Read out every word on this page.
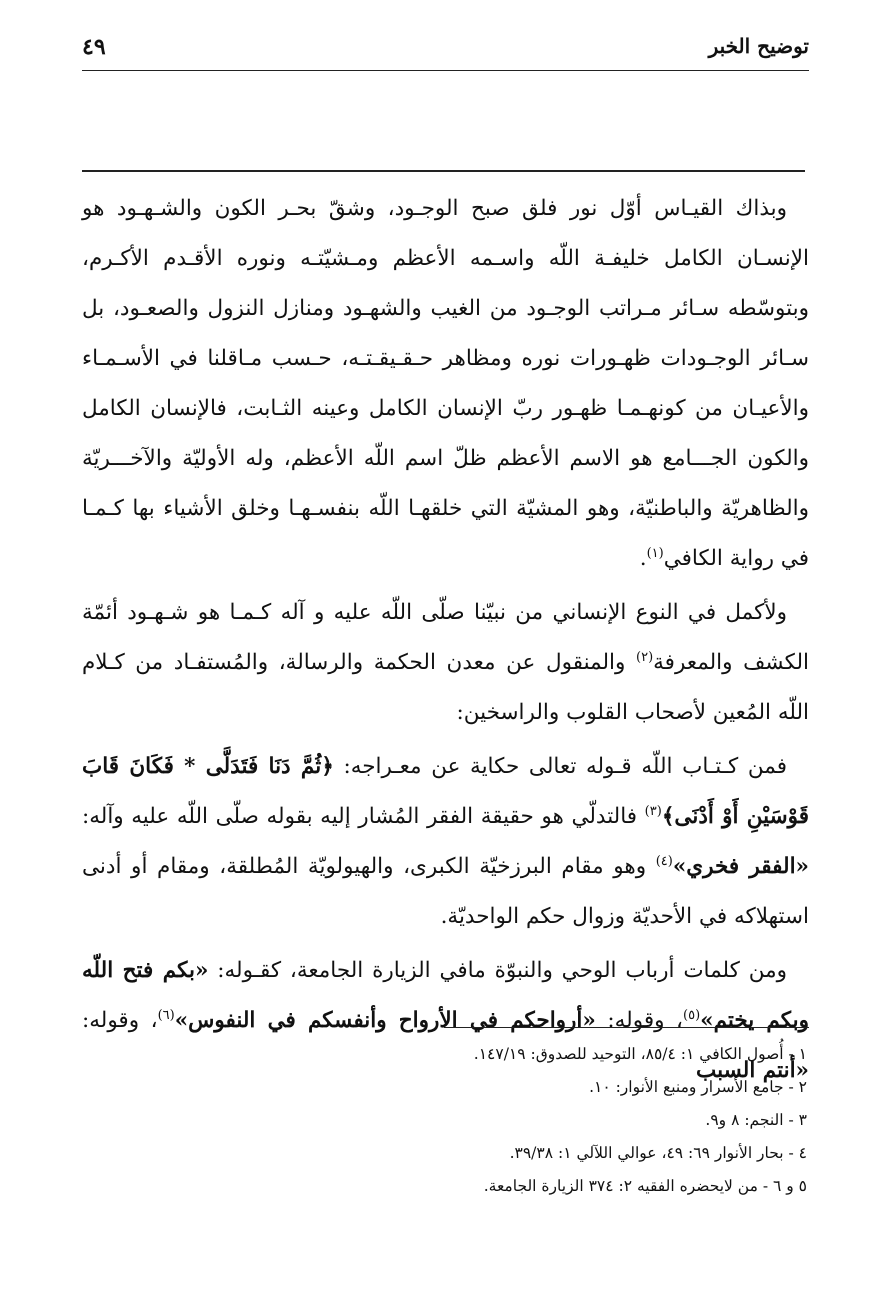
توضيح الخبر
٤٩

وبذاك القيـاس أوّل نور فلق صبح الوجـود، وشقّ بحـر الكون والشـهـود هو الإنسـان الكامل خليفـة اللّه واسـمه الأعظم ومـشيّتـه ونوره الأقـدم الأكـرم، وبتوسّطه سـائر مـراتب الوجـود من الغيب والشهـود ومنازل النزول والصعـود، بل سـائر الوجـودات ظهـورات نوره ومظاهر حـقـيقـتـه، حـسب مـاقلنا في الأسـمـاء والأعيـان من كونهـمـا ظهـور ربّ الإنسان الكامل وعينه الثـابت، فالإنسان الكامل والكون الجـــامع هو الاسم الأعظم ظلّ اسم اللّه الأعظم، وله الأوليّة والآخـــريّة والظاهريّة والباطنيّة، وهو المشيّة التي خلقهـا اللّه بنفسـهـا وخلق الأشياء بها كـمـا في رواية الكافي$^{(١)}$.

ولأكمل في النوع الإنساني من نبيّنا صلّى اللّه عليه و آله كـمـا هو شـهـود أئمّة الكشف والمعرفة$^{(٢)}$ والمنقول عن معدن الحكمة والرسالة، والمُستفـاد من كـلام اللّه المُعين لأصحاب القلوب والراسخين:

فمن كـتـاب اللّه قـوله تعالى حكاية عن معـراجه: ﴿ثُمَّ دَنَا فَتَدَلَّى * فَكَانَ قَابَ قَوْسَيْنِ أَوْ أَدْنَى﴾$^{(٣)}$ فالتدلّي هو حقيقة الفقر المُشار إليه بقوله صلّى اللّه عليه وآله: «الفقر فخري»$^{(٤)}$ وهو مقام البرزخيّة الكبرى، والهيولويّة المُطلقة، ومقام أو أدنى استهلاكه في الأحديّة وزوال حكم الواحديّة.

ومن كلمات أرباب الوحي والنبوّة مافي الزيارة الجامعة، كقـوله: «بكم فتح اللّه وبكم يختم»$^{(٥)}$، وقوله: «أرواحكم في الأرواح وأنفسكم في النفوس»$^{(٦)}$، وقوله: «أنتم السبب

١ - أُصول الكافي ١: ٨٥/٤، التوحيد للصدوق: ١٤٧/١٩.

٢ - جامع الأسرار ومنبع الأنوار: ١٠.

٣ - النجم: ٨ و٩.

٤ - بحار الأنوار ٦٩: ٤٩، عوالي اللآلي ١: ٣٩/٣٨.

٥ و ٦ - من لايحضره الفقيه ٢: ٣٧٤ الزيارة الجامعة.
